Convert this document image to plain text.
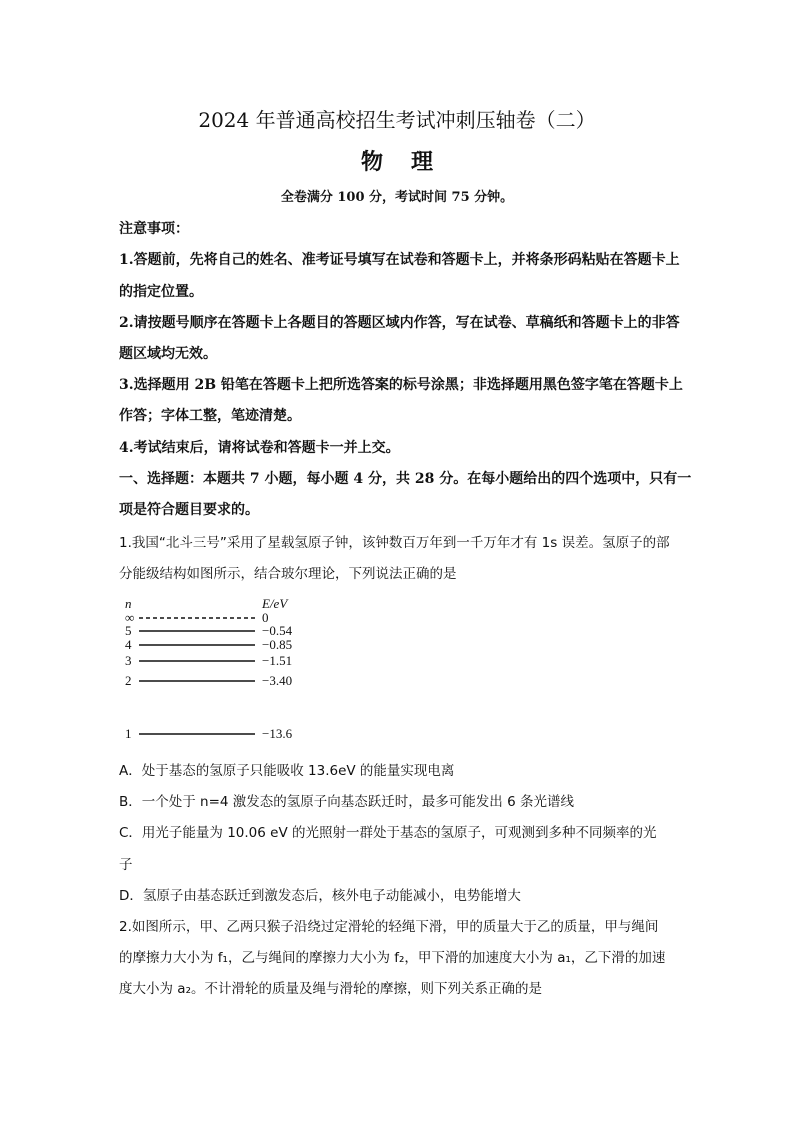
2024 年普通高校招生考试冲刺压轴卷（二）
物理
全卷满分 100 分，考试时间 75 分钟。
注意事项：
1.答题前，先将自己的姓名、准考证号填写在试卷和答题卡上，并将条形码粘贴在答题卡上
的指定位置。
2.请按题号顺序在答题卡上各题目的答题区域内作答，写在试卷、草稿纸和答题卡上的非答
题区域均无效。
3.选择题用 2B 铅笔在答题卡上把所选答案的标号涂黑；非选择题用黑色签字笔在答题卡上
作答；字体工整，笔迹清楚。
4.考试结束后，请将试卷和答题卡一并上交。
一、选择题：本题共 7 小题，每小题 4 分，共 28 分。在每小题给出的四个选项中，只有一
项是符合题目要求的。
1.我国“北斗三号”采用了星载氢原子钟，该钟数百万年到一千万年才有 1s 误差。氢原子的部
分能级结构如图所示，结合玻尔理论，下列说法正确的是
n	E/eV
∞	0
5	−0.54
4	−0.85
3	−1.51
2	−3.40
1	−13.6
A．处于基态的氢原子只能吸收 13.6eV 的能量实现电离
B．一个处于 n=4 激发态的氢原子向基态跃迁时，最多可能发出 6 条光谱线
C．用光子能量为 10.06 eV 的光照射一群处于基态的氢原子，可观测到多种不同频率的光
子
D．氢原子由基态跃迁到激发态后，核外电子动能减小，电势能增大
2.如图所示，甲、乙两只猴子沿绕过定滑轮的轻绳下滑，甲的质量大于乙的质量，甲与绳间
的摩擦力大小为 f₁，乙与绳间的摩擦力大小为 f₂，甲下滑的加速度大小为 a₁，乙下滑的加速
度大小为 a₂。不计滑轮的质量及绳与滑轮的摩擦，则下列关系正确的是
